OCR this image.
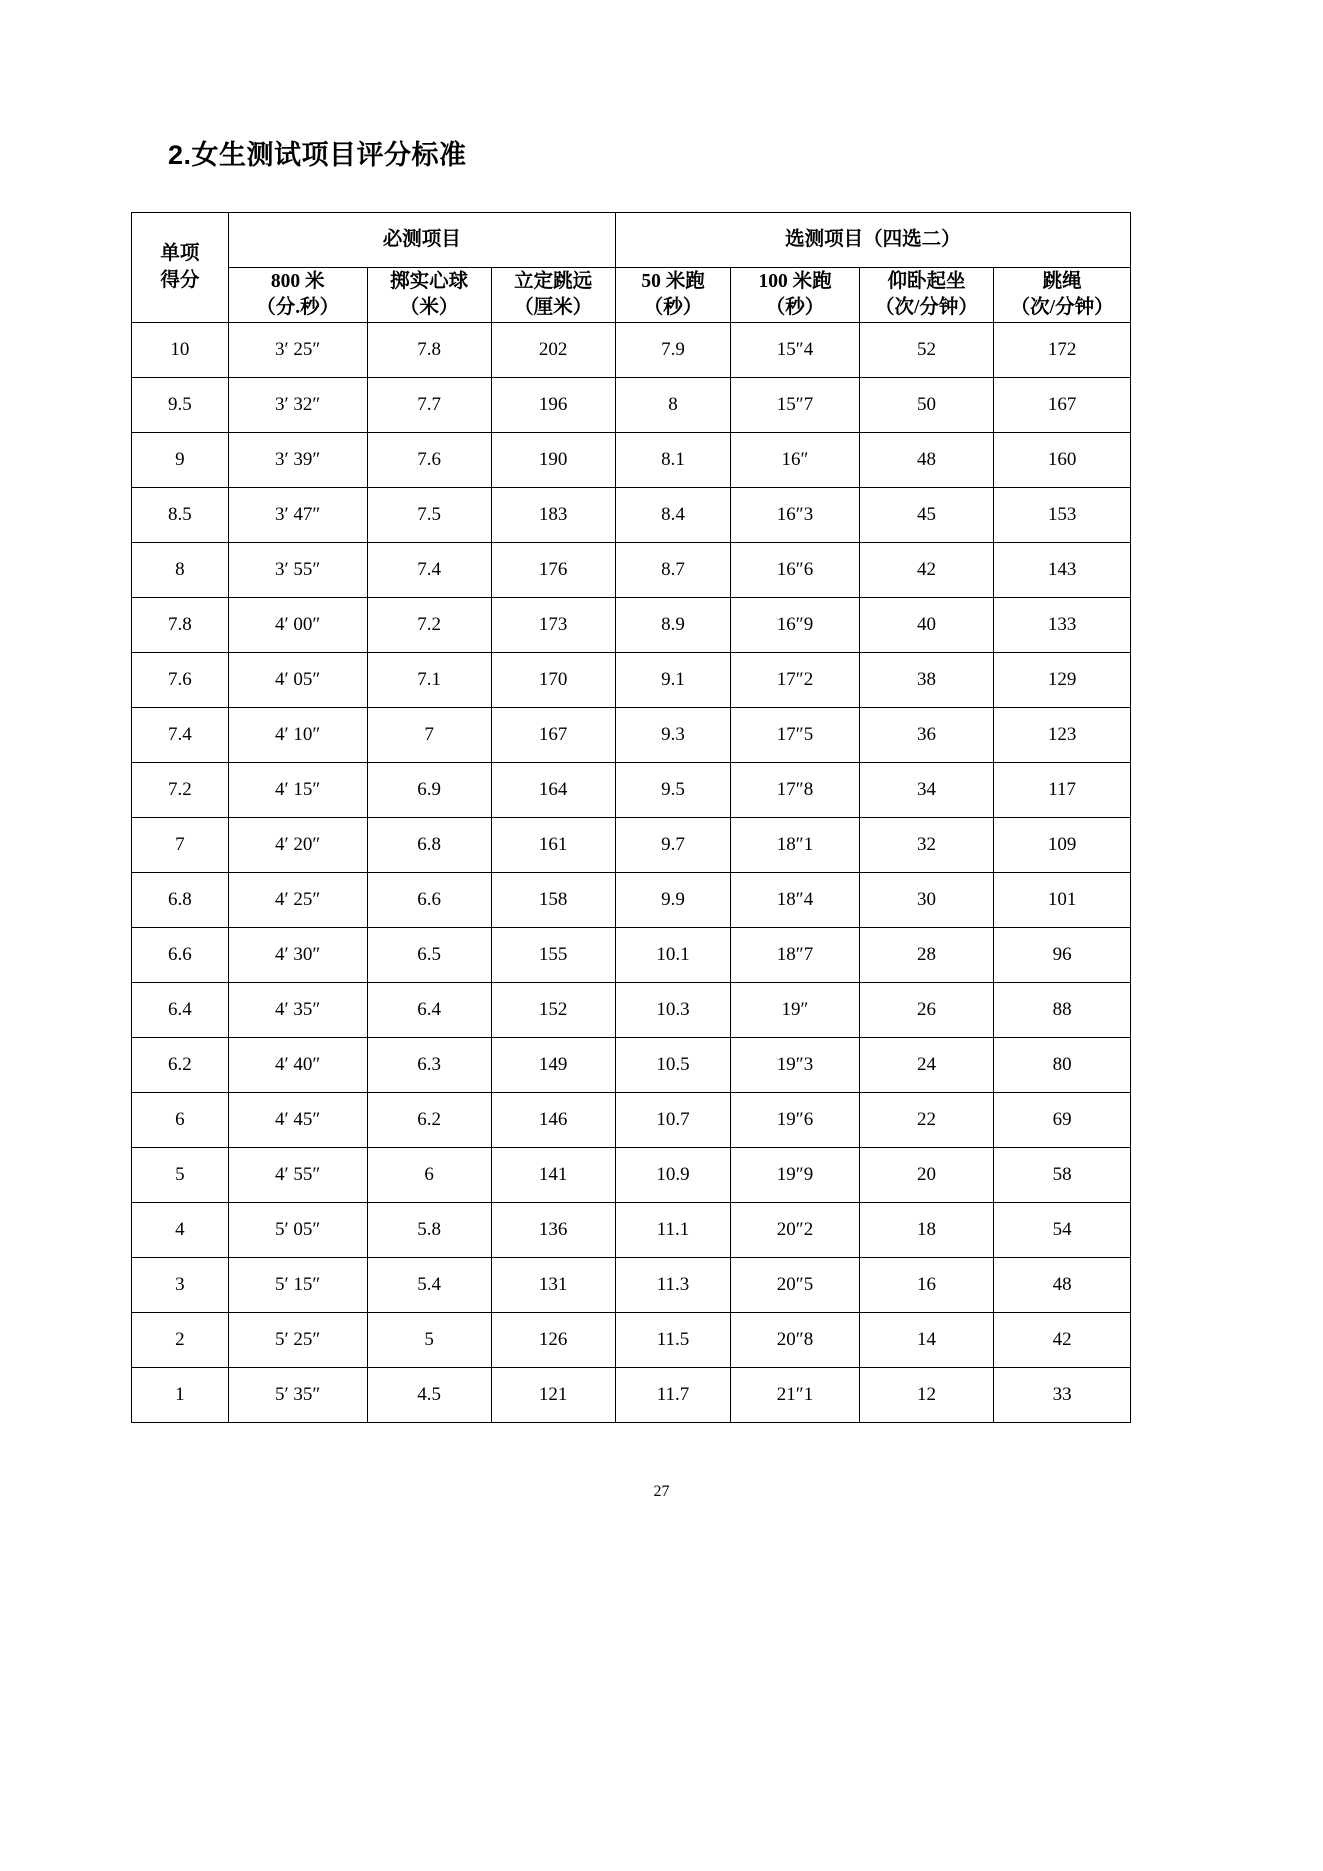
2.女生测试项目评分标准
单项
得分	必测项目			选测项目（四选二）			

	800 米
（分.秒）	掷实心球
（米）	立定跳远
（厘米）	50 米跑
（秒）	100 米跑
（秒）	仰卧起坐
（次/分钟）	跳绳
（次/分钟）

10	3′ 25″	7.8	202	7.9	15″4	52	172
9.5	3′ 32″	7.7	196	8	15″7	50	167
9	3′ 39″	7.6	190	8.1	16″	48	160
8.5	3′ 47″	7.5	183	8.4	16″3	45	153
8	3′ 55″	7.4	176	8.7	16″6	42	143
7.8	4′ 00″	7.2	173	8.9	16″9	40	133
7.6	4′ 05″	7.1	170	9.1	17″2	38	129
7.4	4′ 10″	7	167	9.3	17″5	36	123
7.2	4′ 15″	6.9	164	9.5	17″8	34	117
7	4′ 20″	6.8	161	9.7	18″1	32	109
6.8	4′ 25″	6.6	158	9.9	18″4	30	101
6.6	4′ 30″	6.5	155	10.1	18″7	28	96
6.4	4′ 35″	6.4	152	10.3	19″	26	88
6.2	4′ 40″	6.3	149	10.5	19″3	24	80
6	4′ 45″	6.2	146	10.7	19″6	22	69
5	4′ 55″	6	141	10.9	19″9	20	58
4	5′ 05″	5.8	136	11.1	20″2	18	54
3	5′ 15″	5.4	131	11.3	20″5	16	48
2	5′ 25″	5	126	11.5	20″8	14	42
1	5′ 35″	4.5	121	11.7	21″1	12	33
27
